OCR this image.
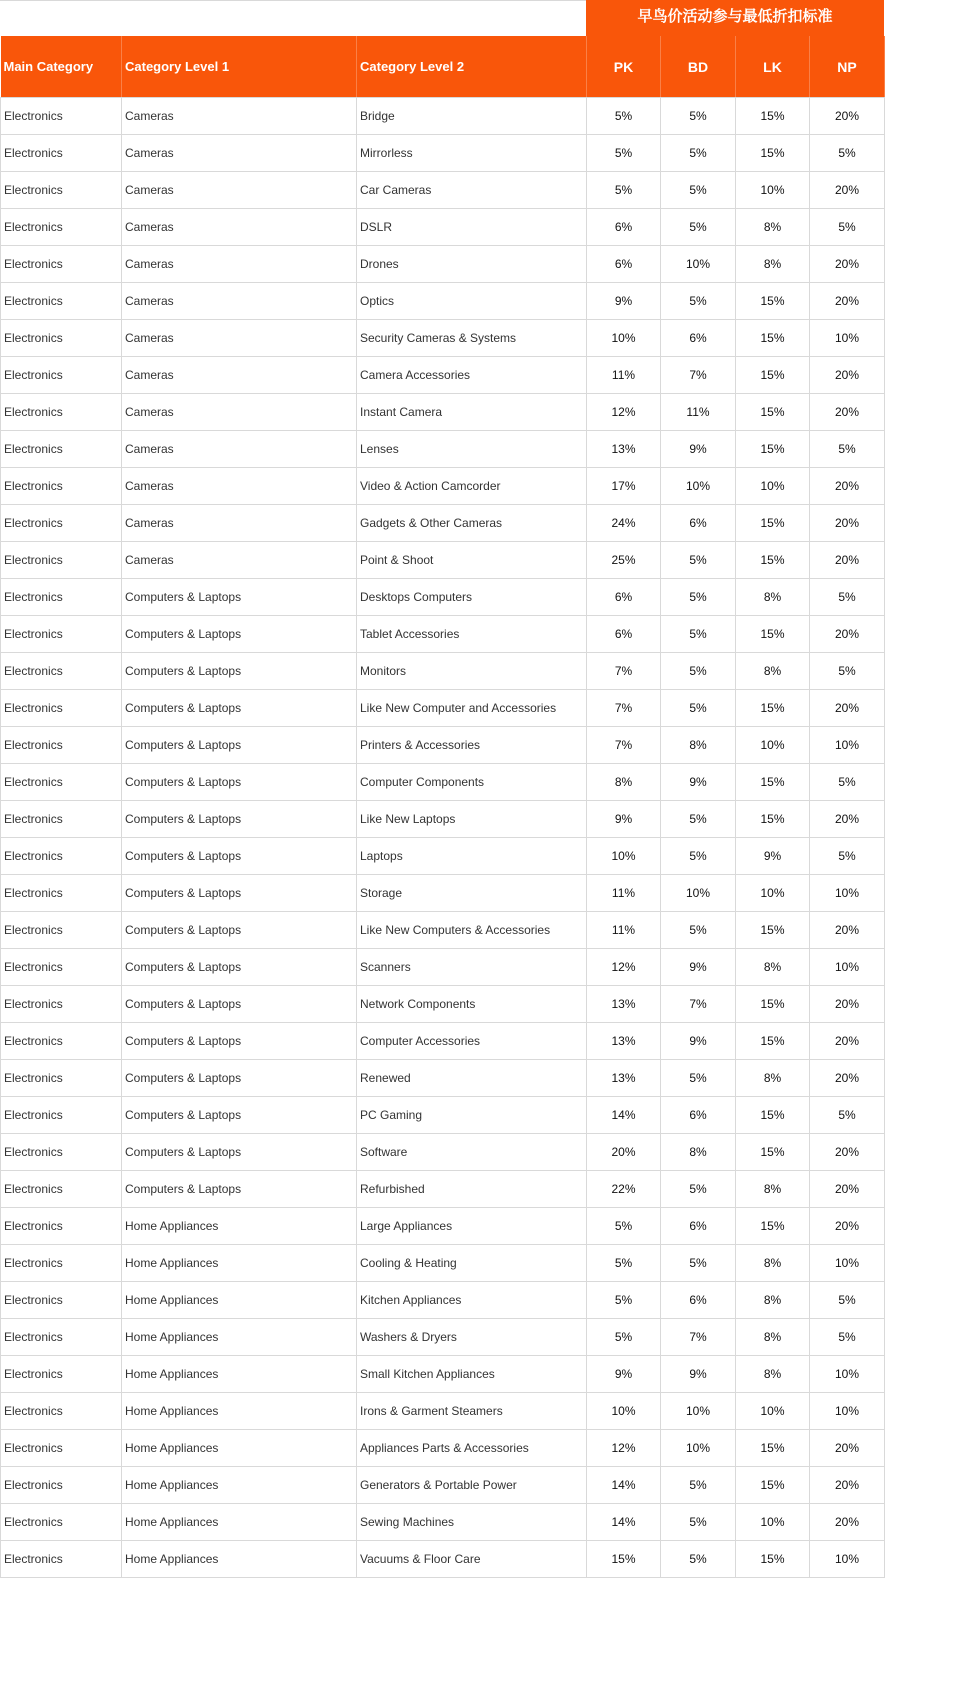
早鸟价活动参与最低折扣标准
Main Category	Category Level 1	Category Level 2	PK	BD	LK	NP
Electronics	Cameras	Bridge	5%	5%	15%	20%
Electronics	Cameras	Mirrorless	5%	5%	15%	5%
Electronics	Cameras	Car Cameras	5%	5%	10%	20%
Electronics	Cameras	DSLR	6%	5%	8%	5%
Electronics	Cameras	Drones	6%	10%	8%	20%
Electronics	Cameras	Optics	9%	5%	15%	20%
Electronics	Cameras	Security Cameras & Systems	10%	6%	15%	10%
Electronics	Cameras	Camera Accessories	11%	7%	15%	20%
Electronics	Cameras	Instant Camera	12%	11%	15%	20%
Electronics	Cameras	Lenses	13%	9%	15%	5%
Electronics	Cameras	Video & Action Camcorder	17%	10%	10%	20%
Electronics	Cameras	Gadgets & Other Cameras	24%	6%	15%	20%
Electronics	Cameras	Point & Shoot	25%	5%	15%	20%
Electronics	Computers & Laptops	Desktops Computers	6%	5%	8%	5%
Electronics	Computers & Laptops	Tablet Accessories	6%	5%	15%	20%
Electronics	Computers & Laptops	Monitors	7%	5%	8%	5%
Electronics	Computers & Laptops	Like New Computer and Accessories	7%	5%	15%	20%
Electronics	Computers & Laptops	Printers & Accessories	7%	8%	10%	10%
Electronics	Computers & Laptops	Computer Components	8%	9%	15%	5%
Electronics	Computers & Laptops	Like New Laptops	9%	5%	15%	20%
Electronics	Computers & Laptops	Laptops	10%	5%	9%	5%
Electronics	Computers & Laptops	Storage	11%	10%	10%	10%
Electronics	Computers & Laptops	Like New Computers & Accessories	11%	5%	15%	20%
Electronics	Computers & Laptops	Scanners	12%	9%	8%	10%
Electronics	Computers & Laptops	Network Components	13%	7%	15%	20%
Electronics	Computers & Laptops	Computer Accessories	13%	9%	15%	20%
Electronics	Computers & Laptops	Renewed	13%	5%	8%	20%
Electronics	Computers & Laptops	PC Gaming	14%	6%	15%	5%
Electronics	Computers & Laptops	Software	20%	8%	15%	20%
Electronics	Computers & Laptops	Refurbished	22%	5%	8%	20%
Electronics	Home Appliances	Large Appliances	5%	6%	15%	20%
Electronics	Home Appliances	Cooling & Heating	5%	5%	8%	10%
Electronics	Home Appliances	Kitchen Appliances	5%	6%	8%	5%
Electronics	Home Appliances	Washers & Dryers	5%	7%	8%	5%
Electronics	Home Appliances	Small Kitchen Appliances	9%	9%	8%	10%
Electronics	Home Appliances	Irons & Garment Steamers	10%	10%	10%	10%
Electronics	Home Appliances	Appliances Parts & Accessories	12%	10%	15%	20%
Electronics	Home Appliances	Generators & Portable Power	14%	5%	15%	20%
Electronics	Home Appliances	Sewing Machines	14%	5%	10%	20%
Electronics	Home Appliances	Vacuums & Floor Care	15%	5%	15%	10%
